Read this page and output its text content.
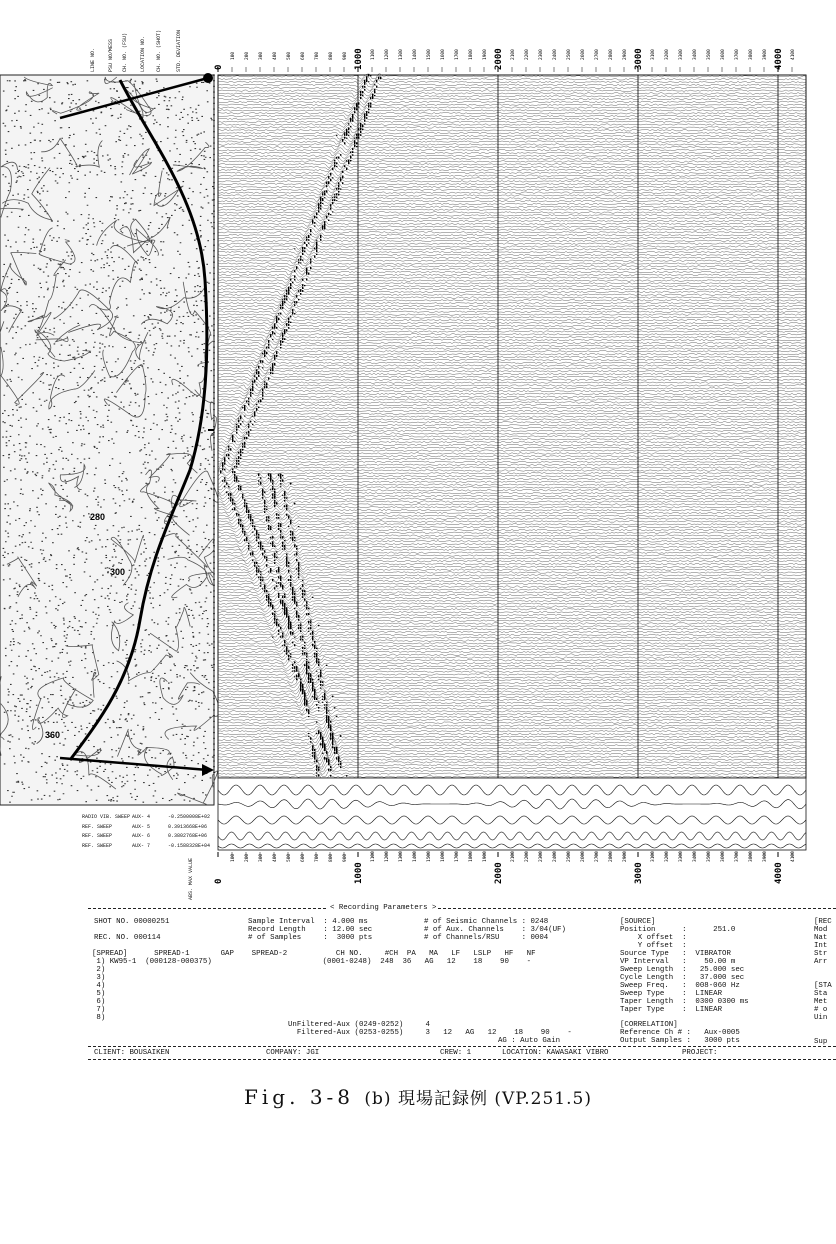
280
300
360
100
100
200
200
300
300
400
400
500
500
600
600
700
700
800
800
900
900
1100
1100
1200
1200
1300
1300
1400
1400
1500
1500
1600
1600
1700
1700
1800
1800
1900
1900
2100
2100
2200
2200
2300
2300
2400
2400
2500
2500
2600
2600
2700
2700
2800
2800
2900
2900
3100
3100
3200
3200
3300
3300
3400
3400
3500
3500
3600
3600
3700
3700
3800
3800
3900
3900
4100
4100
0
0
1000
1000
2000
2000
3000
3000
4000
4000
LINE NO. PSU NO/MESS CH. NO. (FSU) LOCATION NO. CH. NO. (SHOT)	STD. DEVIATION
ABS. MAX VALUE
RADIO VIB. SWEEP AUX- 4	-0.2500008E+02
REF. SWEEP	AUX- 5	0.3913668E+06
REF. SWEEP	AUX- 6	0.3802768E+06
REF. SWEEP	AUX- 7	-0.1588328E+04

< Recording Parameters >

SHOT NO. 00000251

REC. NO. 000114

Sample Interval  : 4.000 ms

Record Length    : 12.00 sec

# of Samples     :  3000 pts

# of Seismic Channels : 0248

# of Aux. Channels    : 3/04(UF)

# of Channels/RSU     : 0004

[SPREAD]      SPREAD-1       GAP    SPREAD-2           CH NO.     #CH  PA   MA   LF   LSLP   HF   NF

1) KW95-1  (000128-000375)                         (0001-0248)  248  36   AG   12    18    90    -

2)

3)

4)

5)

6)

7)

8)

UnFiltered-Aux (0249-0252)     4

Filtered-Aux (0253-0255)     3   12   AG   12    18    90    -

AG : Auto Gain

[SOURCE]
Position      :      251.0
X offset  :
Y offset  :
Source Type   :  VIBRATOR
VP Interval   :    50.00 m
Sweep Length  :   25.000 sec
Cycle Length  :   37.000 sec
Sweep Freq.   :  008-060 Hz
Sweep Type    :  LINEAR
Taper Length  :  0300 0300 ms
Taper Type    :  LINEAR

[CORRELATION]
Reference Ch # :   Aux-0005
Output Samples :   3000 pts

[REC
Mod
Nat
Int
Str
Arr
[STA
Sta
Met
# o
Uin
Sup

CLIENT: BOUSAIKEN

	COMPANY: JGI

	CREW: 1

	LOCATION: KAWASAKI VIBRO

	PROJECT:

Fig. 3-8 (b) 現場記録例 (VP.251.5)
